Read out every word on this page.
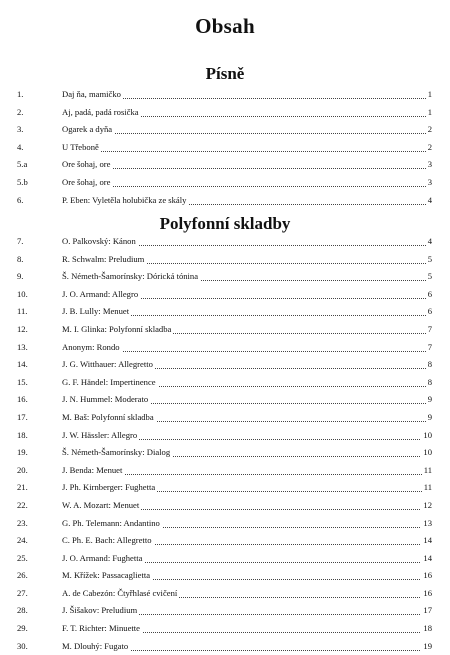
Obsah
Písně
1.	Daj ňa, mamičko	1
2.	Aj, padá, padá rosička	1
3.	Ogarek a dyňa	2
4.	U Třeboně	2
5.a	Ore šohaj, ore	3
5.b	Ore šohaj, ore	3
6.	P. Eben: Vyletěla holubička ze skály	4
Polyfonní skladby
7.	O. Palkovský: Kánon	4
8.	R. Schwalm: Preludium	5
9.	Š. Németh-Šamorínsky: Dórická tónina	5
10.	J. O. Armand: Allegro	6
11.	J. B. Lully: Menuet	6
12.	M. I. Glinka: Polyfonní skladba	7
13.	Anonym: Rondo	7
14.	J. G. Witthauer: Allegretto	8
15.	G. F. Händel: Impertinence	8
16.	J. N. Hummel: Moderato	9
17.	M. Baš: Polyfonní skladba	9
18.	J. W. Hässler: Allegro	10
19.	Š. Németh-Šamorínsky: Dialog	10
20.	J. Benda: Menuet	11
21.	J. Ph. Kirnberger: Fughetta	11
22.	W. A. Mozart: Menuet	12
23.	G. Ph. Telemann: Andantino	13
24.	C. Ph. E. Bach: Allegretto	14
25.	J. O. Armand: Fughetta	14
26.	M. Křížek: Passacaglietta	16
27.	A. de Cabezón: Čtyřhlasé cvičení	16
28.	J. Šišakov: Preludium	17
29.	F. T. Richter: Minuette	18
30.	M. Dlouhý: Fugato	19
